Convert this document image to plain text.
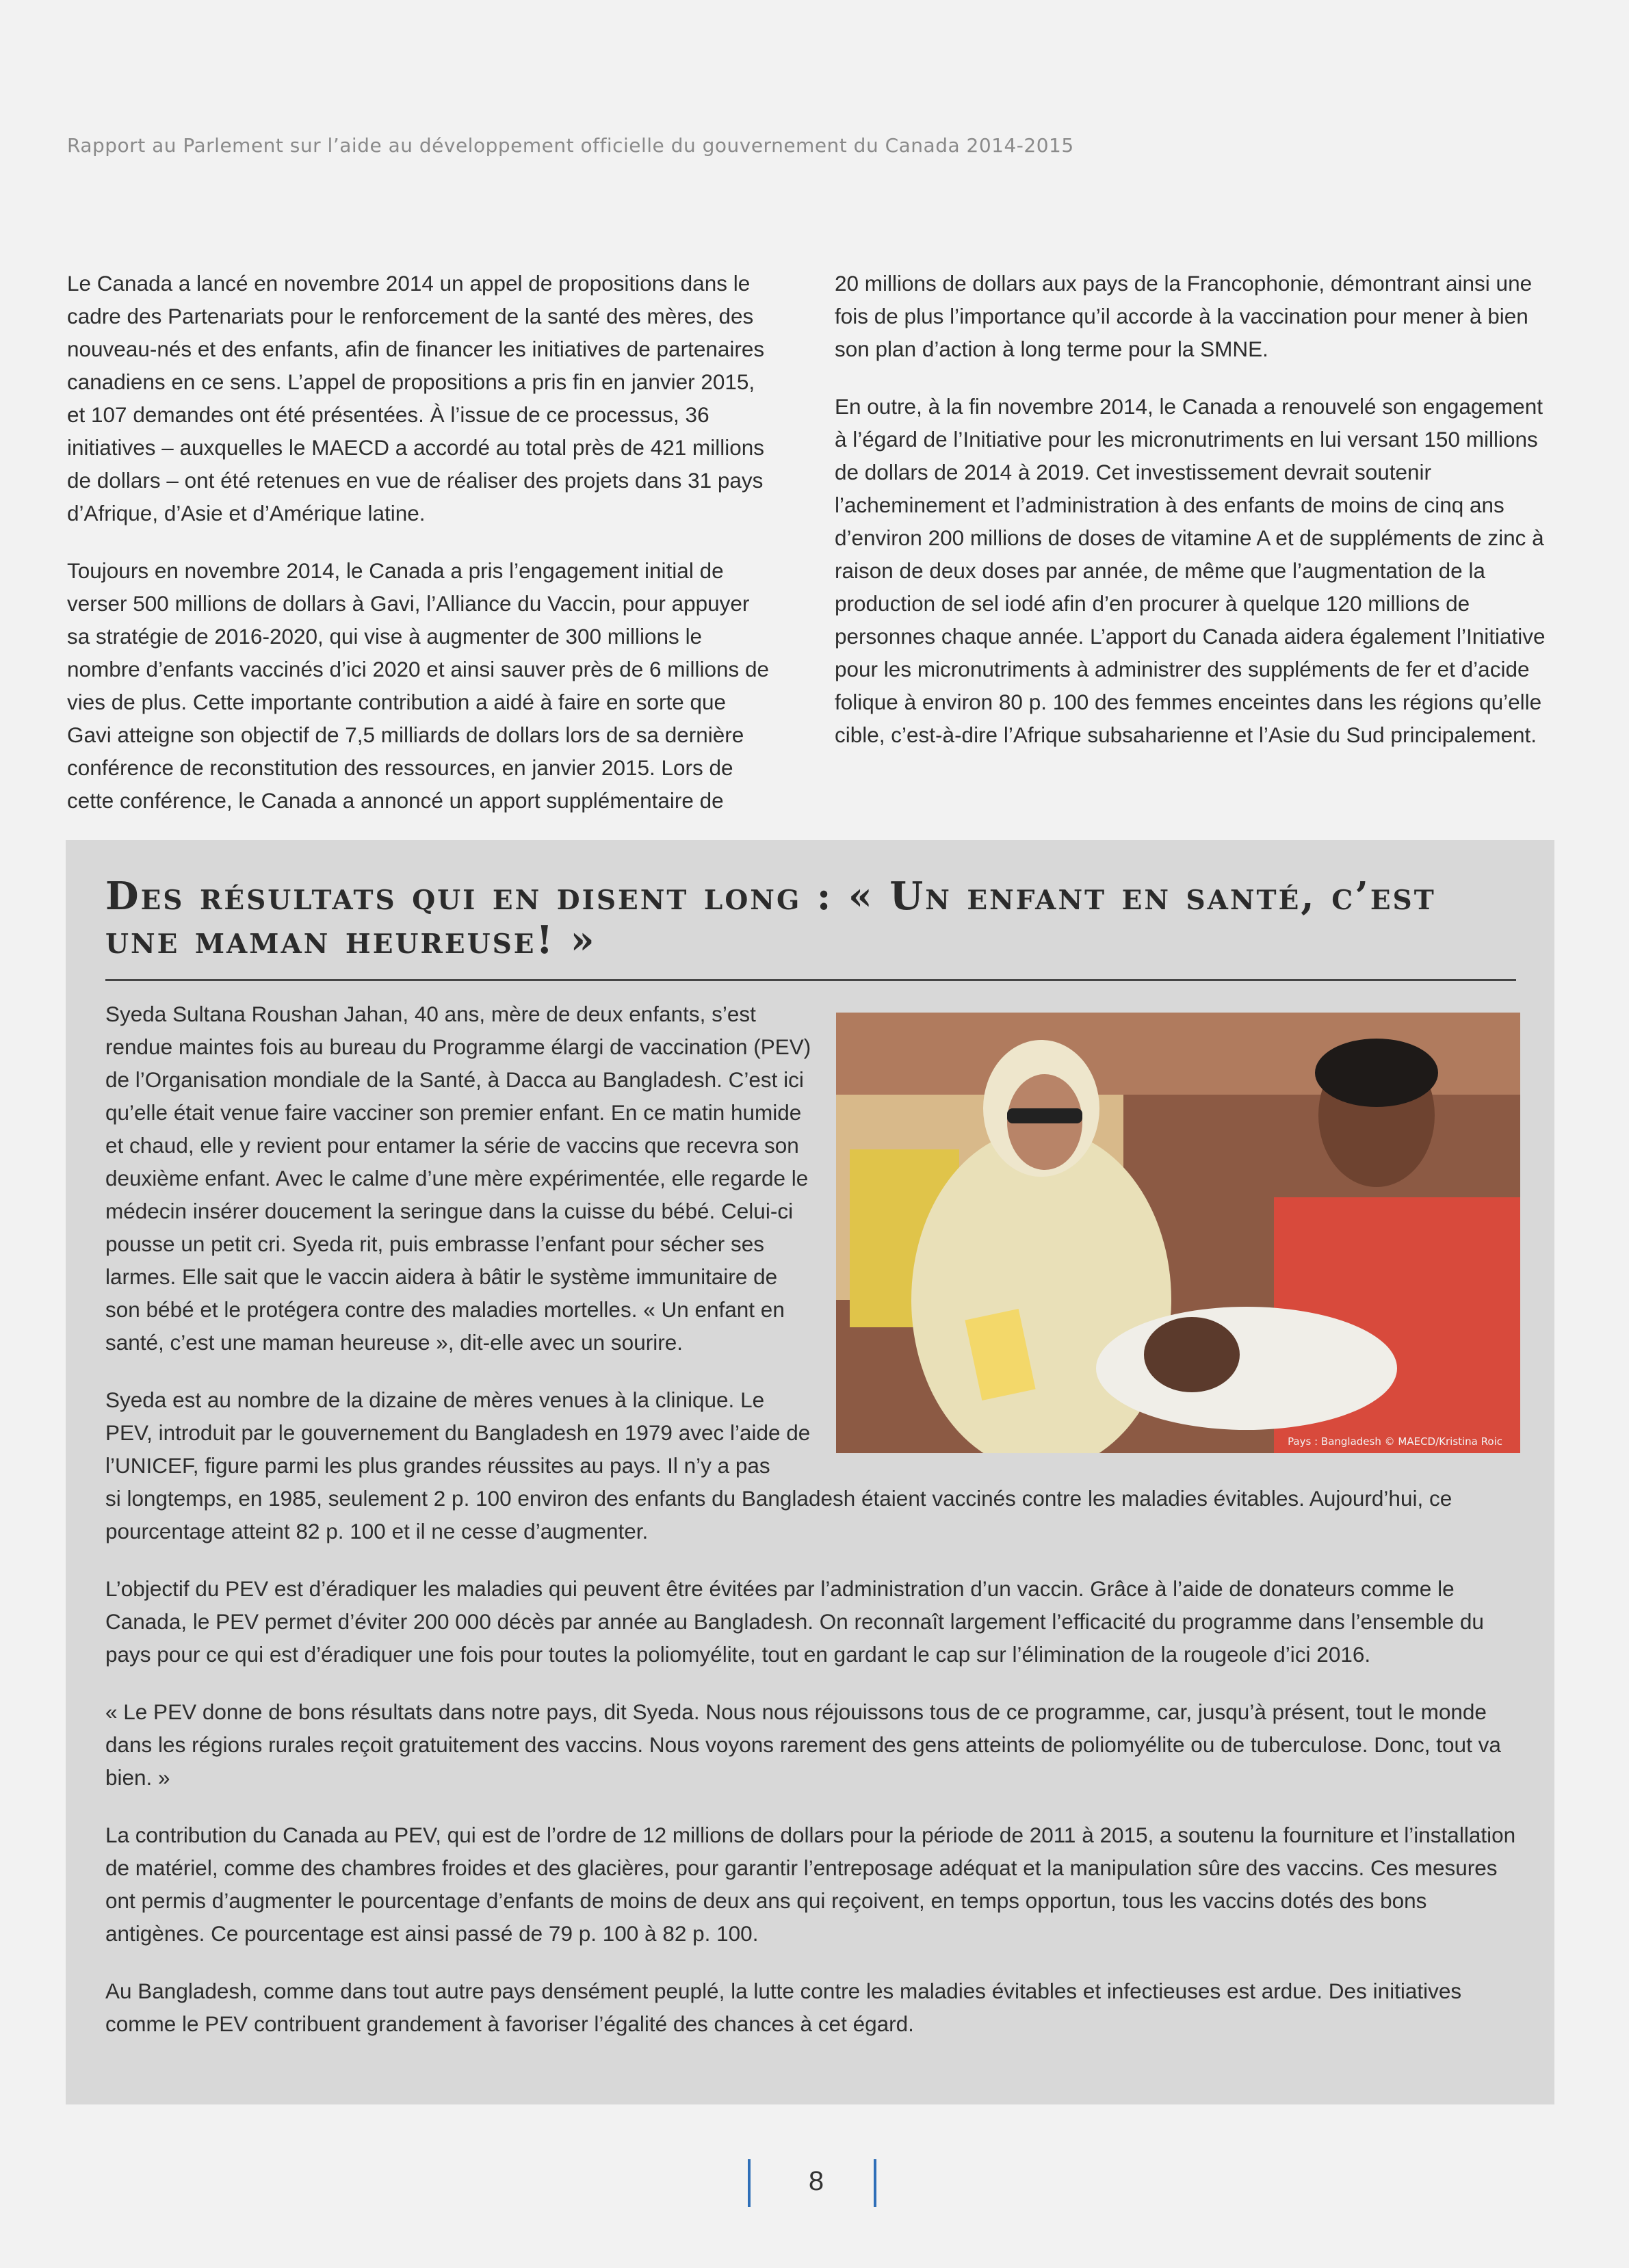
Rapport au Parlement sur l’aide au développement officielle du gouvernement du Canada 2014-2015

Le Canada a lancé en novembre 2014 un appel de propositions dans le cadre des Partenariats pour le renforcement de la santé des mères, des nouveau-nés et des enfants, afin de financer les initiatives de partenaires canadiens en ce sens. L’appel de propositions a pris fin en janvier 2015, et 107 demandes ont été présentées. À l’issue de ce processus, 36 initiatives – auxquelles le MAECD a accordé au total près de 421 millions de dollars – ont été retenues en vue de réaliser des projets dans 31 pays d’Afrique, d’Asie et d’Amérique latine.

Toujours en novembre 2014, le Canada a pris l’engagement initial de verser 500 millions de dollars à Gavi, l’Alliance du Vaccin, pour appuyer sa stratégie de 2016-2020, qui vise à augmenter de 300 millions le nombre d’enfants vaccinés d’ici 2020 et ainsi sauver près de 6 millions de vies de plus. Cette importante contribution a aidé à faire en sorte que Gavi atteigne son objectif de 7,5 milliards de dollars lors de sa dernière conférence de reconstitution des ressources, en janvier 2015. Lors de cette conférence, le Canada a annoncé un apport supplémentaire de

20 millions de dollars aux pays de la Francophonie, démontrant ainsi une fois de plus l’importance qu’il accorde à la vaccination pour mener à bien son plan d’action à long terme pour la SMNE.

En outre, à la fin novembre 2014, le Canada a renouvelé son engagement à l’égard de l’Initiative pour les micronutriments en lui versant 150 millions de dollars de 2014 à 2019. Cet investissement devrait soutenir l’acheminement et l’administration à des enfants de moins de cinq ans d’environ 200 millions de doses de vitamine A et de suppléments de zinc à raison de deux doses par année, de même que l’augmentation de la production de sel iodé afin d’en procurer à quelque 120 millions de personnes chaque année. L’apport du Canada aidera également l’Initiative pour les micronutriments à administrer des suppléments de fer et d’acide folique à environ 80 p. 100 des femmes enceintes dans les régions qu’elle cible, c’est-à-dire l’Afrique subsaharienne et l’Asie du Sud principalement.

Des résultats qui en disent long : « Un enfant en santé, c’est une maman heureuse! »
Pays : Bangladesh © MAECD/Kristina Roic

Syeda Sultana Roushan Jahan, 40 ans, mère de deux enfants, s’est rendue maintes fois au bureau du Programme élargi de vaccination (PEV) de l’Organisation mondiale de la Santé, à Dacca au Bangladesh. C’est ici qu’elle était venue faire vacciner son premier enfant. En ce matin humide et chaud, elle y revient pour entamer la série de vaccins que recevra son deuxième enfant. Avec le calme d’une mère expérimentée, elle regarde le médecin insérer doucement la seringue dans la cuisse du bébé. Celui-ci pousse un petit cri. Syeda rit, puis embrasse l’enfant pour sécher ses larmes. Elle sait que le vaccin aidera à bâtir le système immunitaire de son bébé et le protégera contre des maladies mortelles. « Un enfant en santé, c’est une maman heureuse », dit-elle avec un sourire.

Syeda est au nombre de la dizaine de mères venues à la clinique. Le PEV, introduit par le gouvernement du Bangladesh en 1979 avec l’aide de l’UNICEF, figure parmi les plus grandes réussites au pays. Il n’y a pas
si longtemps, en 1985, seulement 2 p. 100 environ des enfants du Bangladesh étaient vaccinés contre les maladies évitables. Aujourd’hui, ce pourcentage atteint 82 p. 100 et il ne cesse d’augmenter.

L’objectif du PEV est d’éradiquer les maladies qui peuvent être évitées par l’administration d’un vaccin. Grâce à l’aide de donateurs comme le Canada, le PEV permet d’éviter 200 000 décès par année au Bangladesh. On reconnaît largement l’efficacité du programme dans l’ensemble du pays pour ce qui est d’éradiquer une fois pour toutes la poliomyélite, tout en gardant le cap sur l’élimination de la rougeole d’ici 2016.

« Le PEV donne de bons résultats dans notre pays, dit Syeda. Nous nous réjouissons tous de ce programme, car, jusqu’à présent, tout le monde dans les régions rurales reçoit gratuitement des vaccins. Nous voyons rarement des gens atteints de poliomyélite ou de tuberculose. Donc, tout va bien. »

La contribution du Canada au PEV, qui est de l’ordre de 12 millions de dollars pour la période de 2011 à 2015, a soutenu la fourniture et l’installation de matériel, comme des chambres froides et des glacières, pour garantir l’entreposage adéquat et la manipulation sûre des vaccins. Ces mesures ont permis d’augmenter le pourcentage d’enfants de moins de deux ans qui reçoivent, en temps opportun, tous les vaccins dotés des bons antigènes. Ce pourcentage est ainsi passé de 79 p. 100 à 82 p. 100.

Au Bangladesh, comme dans tout autre pays densément peuplé, la lutte contre les maladies évitables et infectieuses est ardue. Des initiatives comme le PEV contribuent grandement à favoriser l’égalité des chances à cet égard.

8
